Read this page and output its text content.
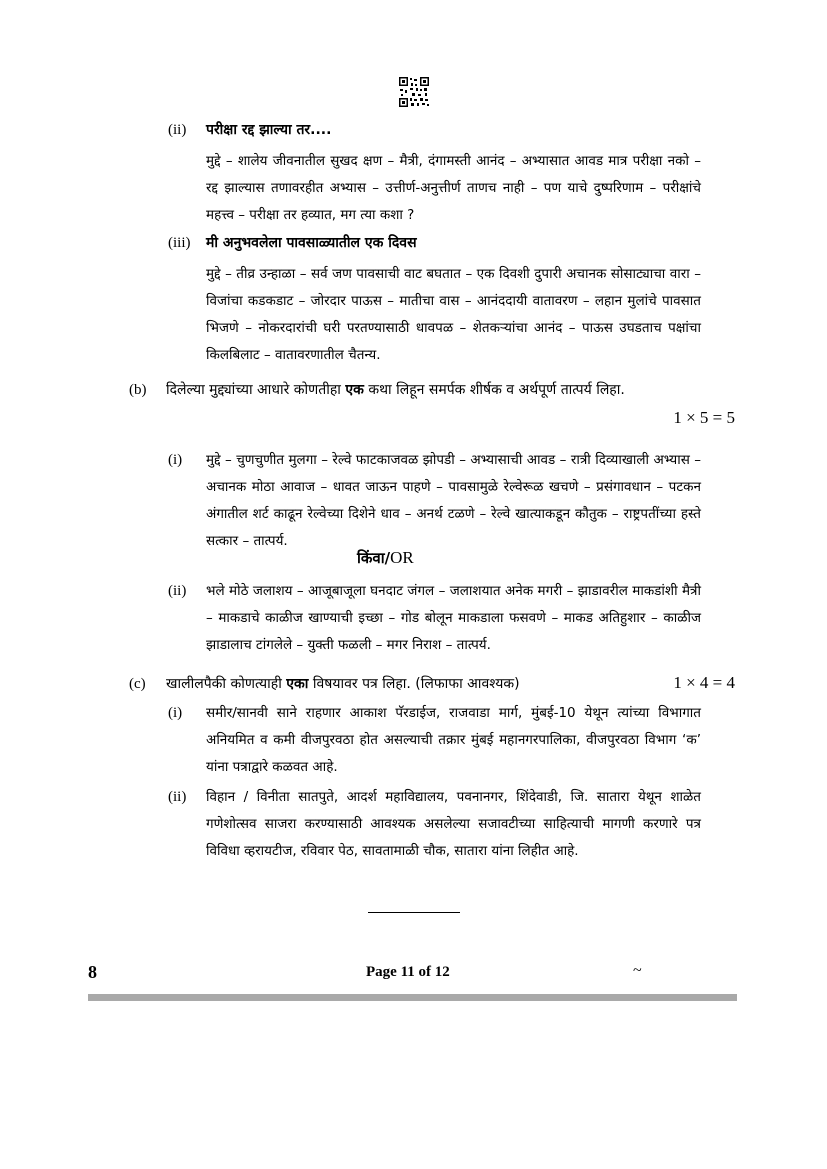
(ii)	परीक्षा रद्द झाल्या तर....
मुद्दे – शालेय जीवनातील सुखद क्षण – मैत्री, दंगामस्ती आनंद – अभ्यासात आवड मात्र परीक्षा नको – रद्द झाल्यास तणावरहीत अभ्यास – उत्तीर्ण-अनुत्तीर्ण ताणच नाही – पण याचे दुष्परिणाम – परीक्षांचे महत्त्व – परीक्षा तर हव्यात, मग त्या कशा ?
(iii)	मी अनुभवलेला पावसाळ्यातील एक दिवस
मुद्दे – तीव्र उन्हाळा – सर्व जण पावसाची वाट बघतात – एक दिवशी दुपारी अचानक सोसाट्याचा वारा – विजांचा कडकडाट – जोरदार पाऊस – मातीचा वास – आनंददायी वातावरण – लहान मुलांचे पावसात भिजणे – नोकरदारांची घरी परतण्यासाठी धावपळ – शेतकऱ्यांचा आनंद – पाऊस उघडताच पक्षांचा किलबिलाट – वातावरणातील चैतन्य.
(b)	दिलेल्या मुद्द्यांच्या आधारे कोणतीहा एक कथा लिहून समर्पक शीर्षक व अर्थपूर्ण तात्पर्य लिहा.
1 × 5 = 5
(i)	मुद्दे – चुणचुणीत मुलगा – रेल्वे फाटकाजवळ झोपडी – अभ्यासाची आवड – रात्री दिव्याखाली अभ्यास – अचानक मोठा आवाज – धावत जाऊन पाहणे – पावसामुळे रेल्वेरूळ खचणे – प्रसंगावधान – पटकन अंगातील शर्ट काढून रेल्वेच्या दिशेने धाव – अनर्थ टळणे – रेल्वे खात्याकडून कौतुक – राष्ट्रपतींच्या हस्ते सत्कार – तात्पर्य.
किंवा/OR
(ii)	भले मोठे जलाशय – आजूबाजूला घनदाट जंगल – जलाशयात अनेक मगरी – झाडावरील माकडांशी मैत्री – माकडाचे काळीज खाण्याची इच्छा – गोड बोलून माकडाला फसवणे – माकड अतिहुशार – काळीज झाडालाच टांगलेले – युक्ती फळली – मगर निराश – तात्पर्य.
(c)	खालीलपैकी कोणत्याही एका विषयावर पत्र लिहा. (लिफाफा आवश्यक)	1 × 4 = 4
(i)	समीर/सानवी साने राहणार आकाश पॅरडाईज, राजवाडा मार्ग, मुंबई-10 येथून त्यांच्या विभागात अनियमित व कमी वीजपुरवठा होत असल्याची तक्रार मुंबई महानगरपालिका, वीजपुरवठा विभाग ‘क’ यांना पत्राद्वारे कळवत आहे.
(ii)	विहान / विनीता सातपुते, आदर्श महाविद्यालय, पवनानगर, शिंदेवाडी, जि. सातारा येथून शाळेत गणेशोत्सव साजरा करण्यासाठी आवश्यक असलेल्या सजावटीच्या साहित्याची मागणी करणारे पत्र विविधा व्हरायटीज, रविवार पेठ, सावतामाळी चौक, सातारा यांना लिहीत आहे.
8	Page 11 of 12	~
